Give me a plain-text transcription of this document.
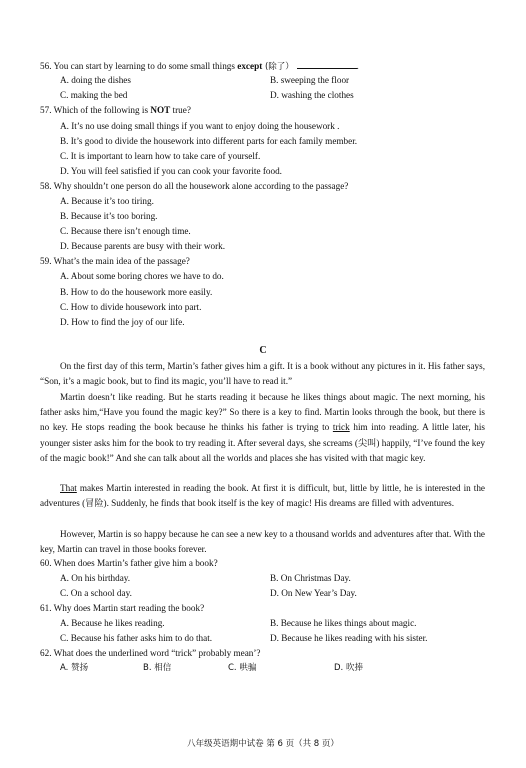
56. You can start by learning to do some small things except (除了）	.
A. doing the dishes	B. sweeping the floor
C. making the bed	D. washing the clothes
57. Which of the following is NOT true?
A. It’s no use doing small things if you want to enjoy doing the housework .
B. It’s good to divide the housework into different parts for each family member.
C. It is important to learn how to take care of yourself.
D. You will feel satisfied if you can cook your favorite food.
58. Why shouldn’t one person do all the housework alone according to the passage?
A. Because it’s too tiring.
B. Because it’s too boring.
C. Because there isn’t enough time.
D. Because parents are busy with their work.
59. What’s the main idea of the passage?
A. About some boring chores we have to do.
B. How to do the housework more easily.
C. How to divide housework into part.
D. How to find the joy of our life.
C
On the first day of this term, Martin’s father gives him a gift. It is a book without any pictures in it. His father says, “Son, it’s a magic book, but to find its magic, you’ll have to read it.”
Martin doesn’t like reading. But he starts reading it because he likes things about magic. The next morning, his father asks him,“Have you found the magic key?” So there is a key to find. Martin looks through the book, but there is no key. He stops reading the book because he thinks his father is trying to trick him into reading. A little later, his younger sister asks him for the book to try reading it. After several days, she screams (尖叫) happily, “I’ve found the key of the magic book!” And she can talk about all the worlds and places she has visited with that magic key.
That makes Martin interested in reading the book. At first it is difficult, but, little by little, he is interested in the adventures (冒险). Suddenly, he finds that book itself is the key of magic! His dreams are filled with adventures.
However, Martin is so happy because he can see a new key to a thousand worlds and adventures after that. With the key, Martin can travel in those books forever.
60. When does Martin’s father give him a book?
A. On his birthday.	B. On Christmas Day.
C. On a school day.	D. On New Year’s Day.
61. Why does Martin start reading the book?
A. Because he likes reading.	B. Because he likes things about magic.
C. Because his father asks him to do that.	D. Because he likes reading with his sister.
62. What does the underlined word “trick” probably mean’?
A. 赞扬	B. 相信	C. 哄骗	D. 吹捧
八年级英语期中试卷 第 6 页（共 8 页）
